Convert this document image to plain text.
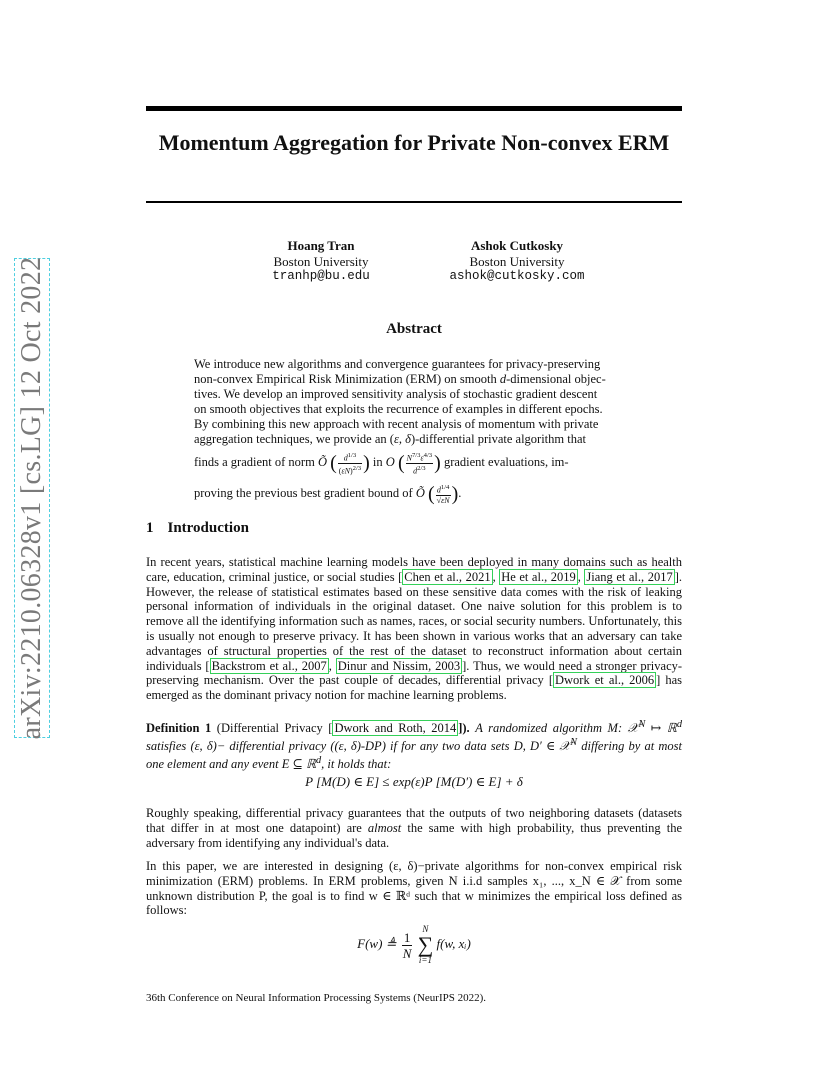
arXiv:2210.06328v1 [cs.LG] 12 Oct 2022
Momentum Aggregation for Private Non-convex ERM
Hoang Tran
Boston University
tranhp@bu.edu
Ashok Cutkosky
Boston University
ashok@cutkosky.com
Abstract
We introduce new algorithms and convergence guarantees for privacy-preserving
non-convex Empirical Risk Minimization (ERM) on smooth d-dimensional objec-
tives. We develop an improved sensitivity analysis of stochastic gradient descent
on smooth objectives that exploits the recurrence of examples in different epochs.
By combining this new approach with recent analysis of momentum with private
aggregation techniques, we provide an (ε, δ)-differential private algorithm that
finds a gradient of norm Õ ( $\frac{d^{1/3}}{(\varepsilon N)^{2/3}}$ ) in O ( $\frac{N^{7/3}\varepsilon^{4/3}}{d^{2/3}}$ ) gradient evaluations, im-
proving the previous best gradient bound of Õ ( $\frac{d^{1/4}}{√\varepsilon N}$ ).
1 Introduction

In recent years, statistical machine learning models have been deployed in many domains such as health care, education, criminal justice, or social studies [ Chen et al., 2021 , He et al., 2019 , Jiang et al., 2017 ]. However, the release of statistical estimates based on these sensitive data comes with the risk of leaking personal information of individuals in the original dataset. One naive solution for this problem is to remove all the identifying information such as names, races, or social security numbers. Unfortunately, this is usually not enough to preserve privacy. It has been shown in various works that an adversary can take advantages of structural properties of the rest of the dataset to reconstruct information about certain individuals [ Backstrom et al., 2007 , Dinur and Nissim, 2003 ]. Thus, we would need a stronger privacy-preserving mechanism. Over the past couple of decades, differential privacy [ Dwork et al., 2006 ] has emerged as the dominant privacy notion for machine learning problems.

Definition 1 (Differential Privacy [ Dwork and Roth, 2014 ]). A randomized algorithm M: 𝒳$^N$ ↦ ℝ$^d$ satisfies (ε, δ)− differential privacy ((ε, δ)-DP) if for any two data sets D, D′ ∈ 𝒳$^N$ differing by at most one element and any event E ⊆ ℝ$^d$, it holds that:

P [M(D) ∈ E] ≤ exp(ε)P [M(D′) ∈ E] + δ

Roughly speaking, differential privacy guarantees that the outputs of two neighboring datasets (datasets that differ in at most one datapoint) are almost the same with high probability, thus preventing the adversary from identifying any individual's data.

In this paper, we are interested in designing (ε, δ)−private algorithms for non-convex empirical risk minimization (ERM) problems. In ERM problems, given N i.i.d samples x₁, ..., x_N ∈ 𝒳 from some unknown distribution P, the goal is to find w ∈ ℝᵈ such that w minimizes the empirical loss defined as follows:
F(w) ≜ $\frac{1}{N}$

N
∑
i=1
f(w, xᵢ)
36th Conference on Neural Information Processing Systems (NeurIPS 2022).
